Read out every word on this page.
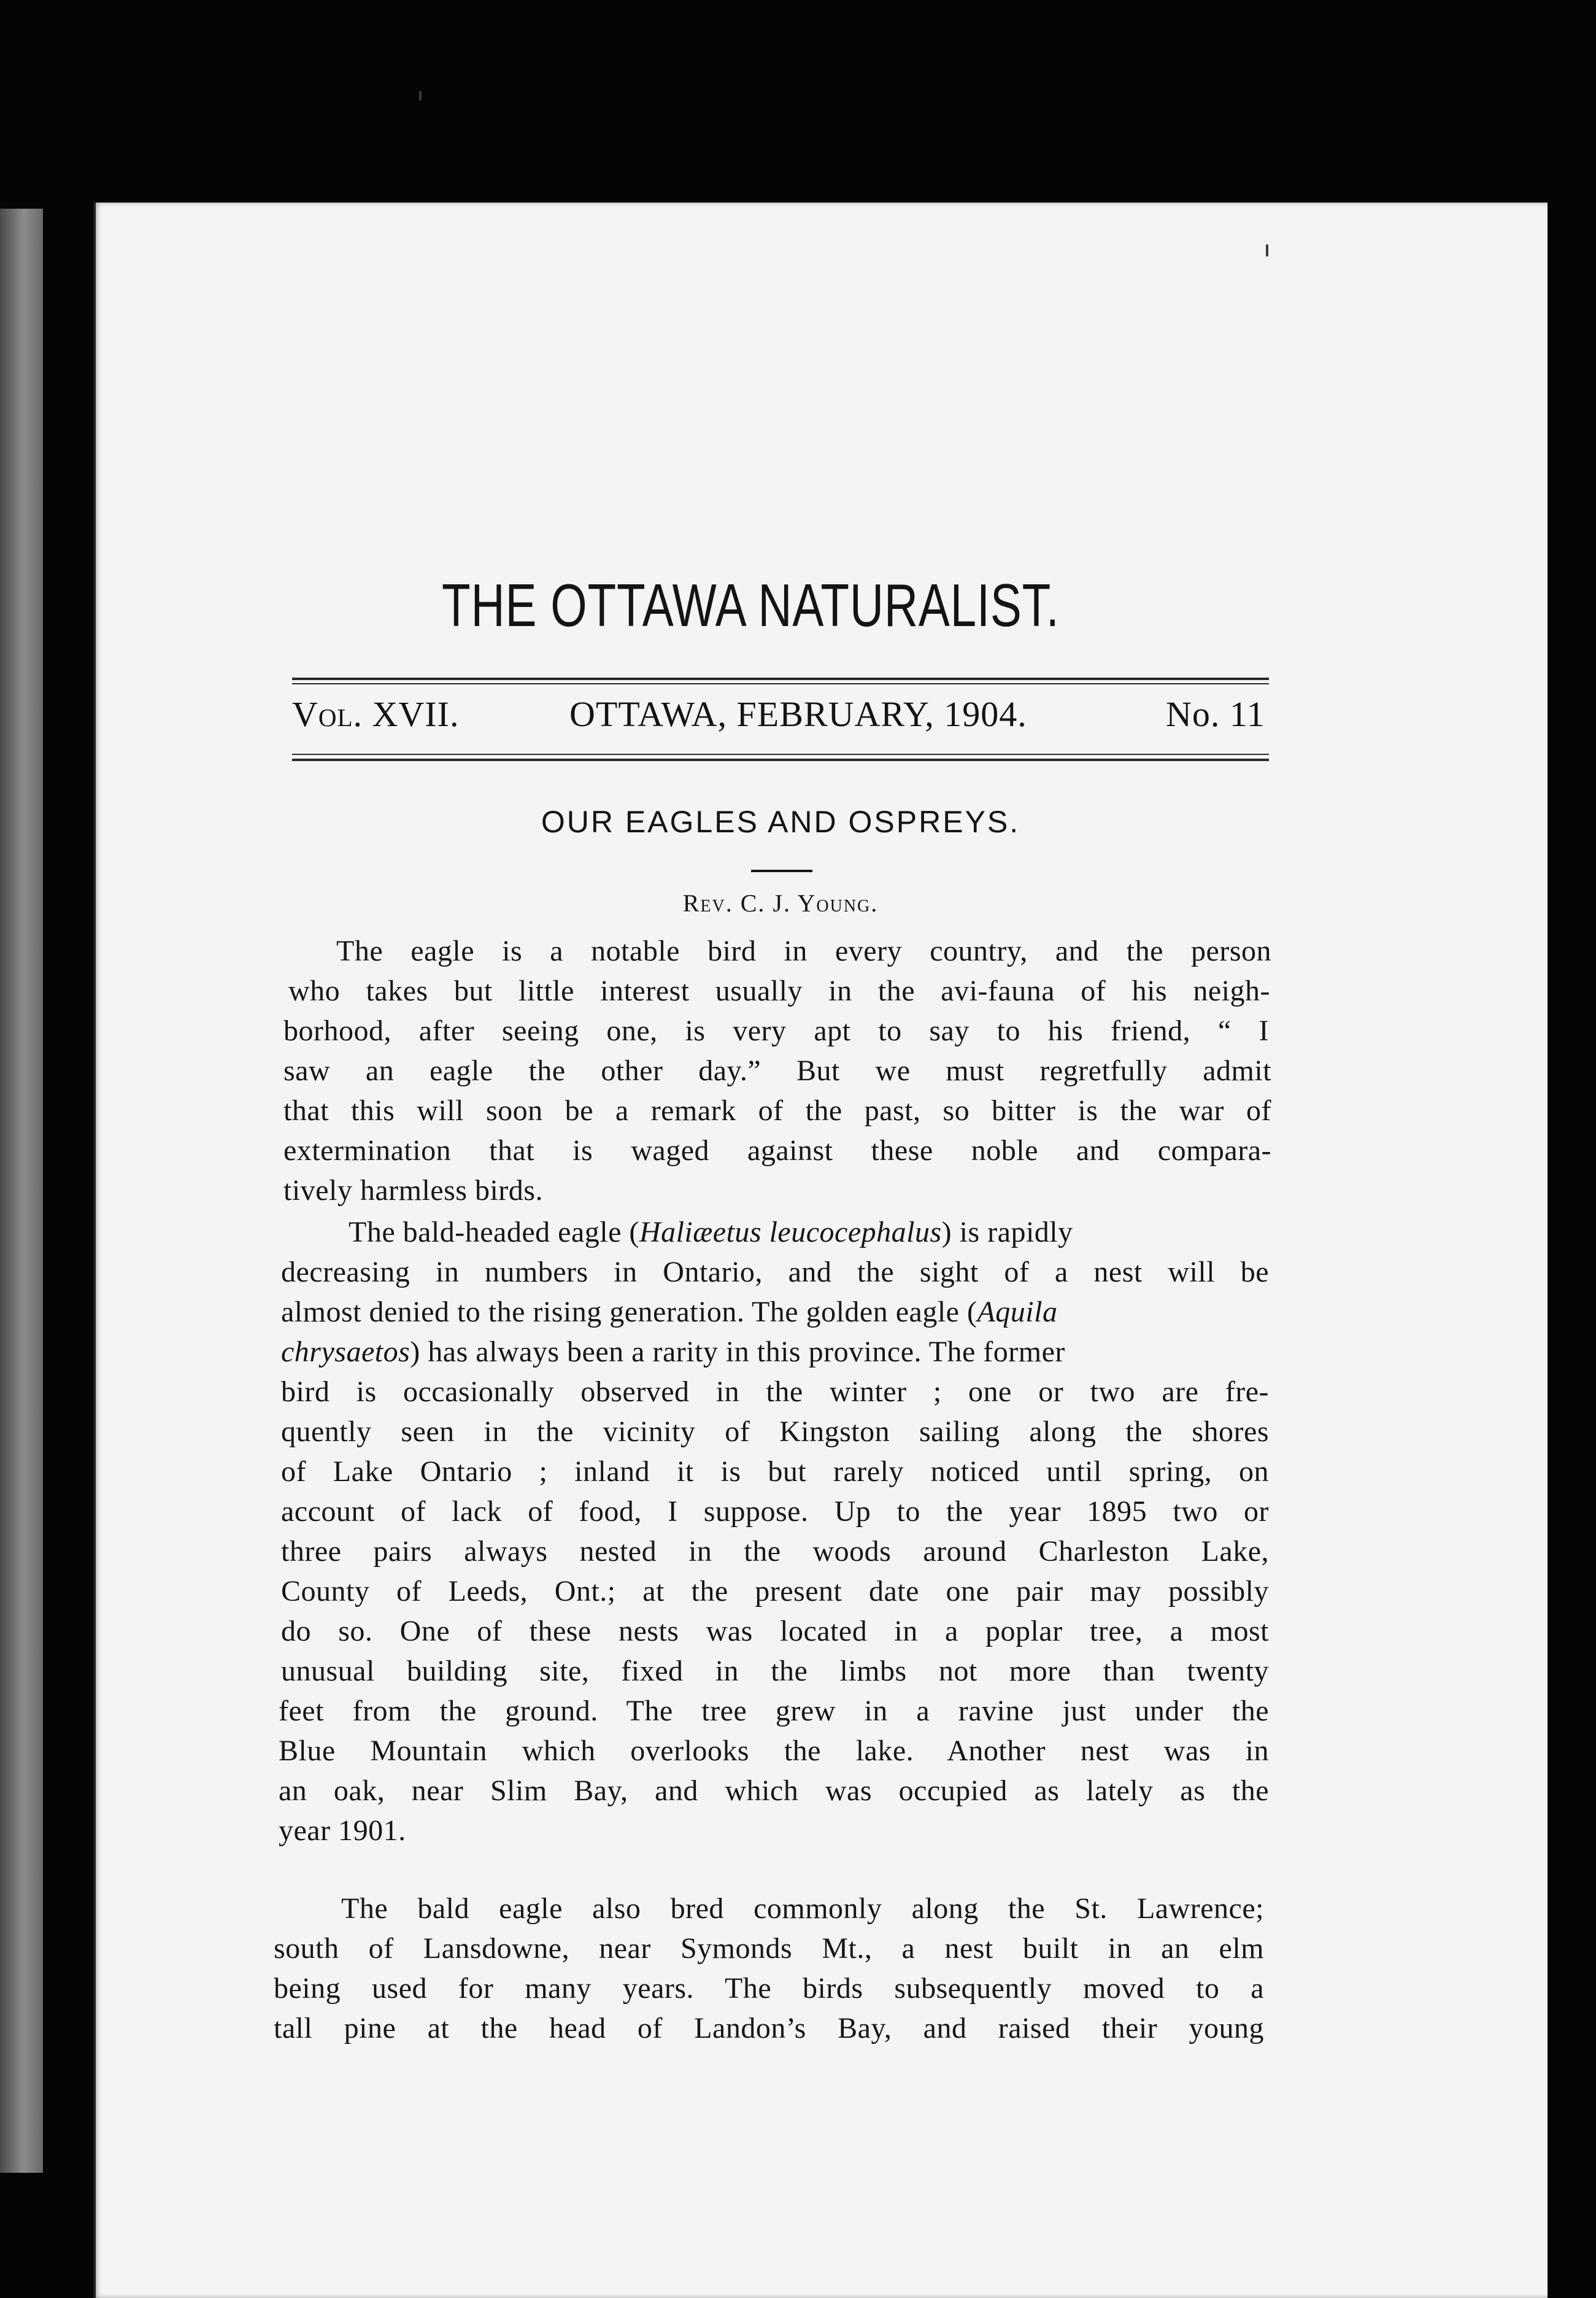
THE OTTAWA NATURALIST.
Vol. XVII.	OTTAWA, FEBRUARY, 1904.	No. 11
OUR EAGLES AND OSPREYS.
Rev. C. J. Young.
The eagle is a notable bird in every country, and the person
who takes but little interest usually in the avi-fauna of his neigh-
borhood, after seeing one, is very apt to say to his friend, “ I
saw an eagle the other day.” But we must regretfully admit
that this will soon be a remark of the past, so bitter is the war of
extermination that is waged against these noble and compara-
tively harmless birds.
The bald-headed eagle (Haliæetus leucocephalus) is rapidly
decreasing in numbers in Ontario, and the sight of a nest will be
almost denied to the rising generation. The golden eagle (Aquila
chrysaetos) has always been a rarity in this province. The former
bird is occasionally observed in the winter ; one or two are fre-
quently seen in the vicinity of Kingston sailing along the shores
of Lake Ontario ; inland it is but rarely noticed until spring, on
account of lack of food, I suppose. Up to the year 1895 two or
three pairs always nested in the woods around Charleston Lake,
County of Leeds, Ont.; at the present date one pair may possibly
do so. One of these nests was located in a poplar tree, a most
unusual building site, fixed in the limbs not more than twenty
feet from the ground. The tree grew in a ravine just under the
Blue Mountain which overlooks the lake. Another nest was in
an oak, near Slim Bay, and which was occupied as lately as the
year 1901.
The bald eagle also bred commonly along the St. Lawrence;
south of Lansdowne, near Symonds Mt., a nest built in an elm
being used for many years. The birds subsequently moved to a
tall pine at the head of Landon’s Bay, and raised their young
